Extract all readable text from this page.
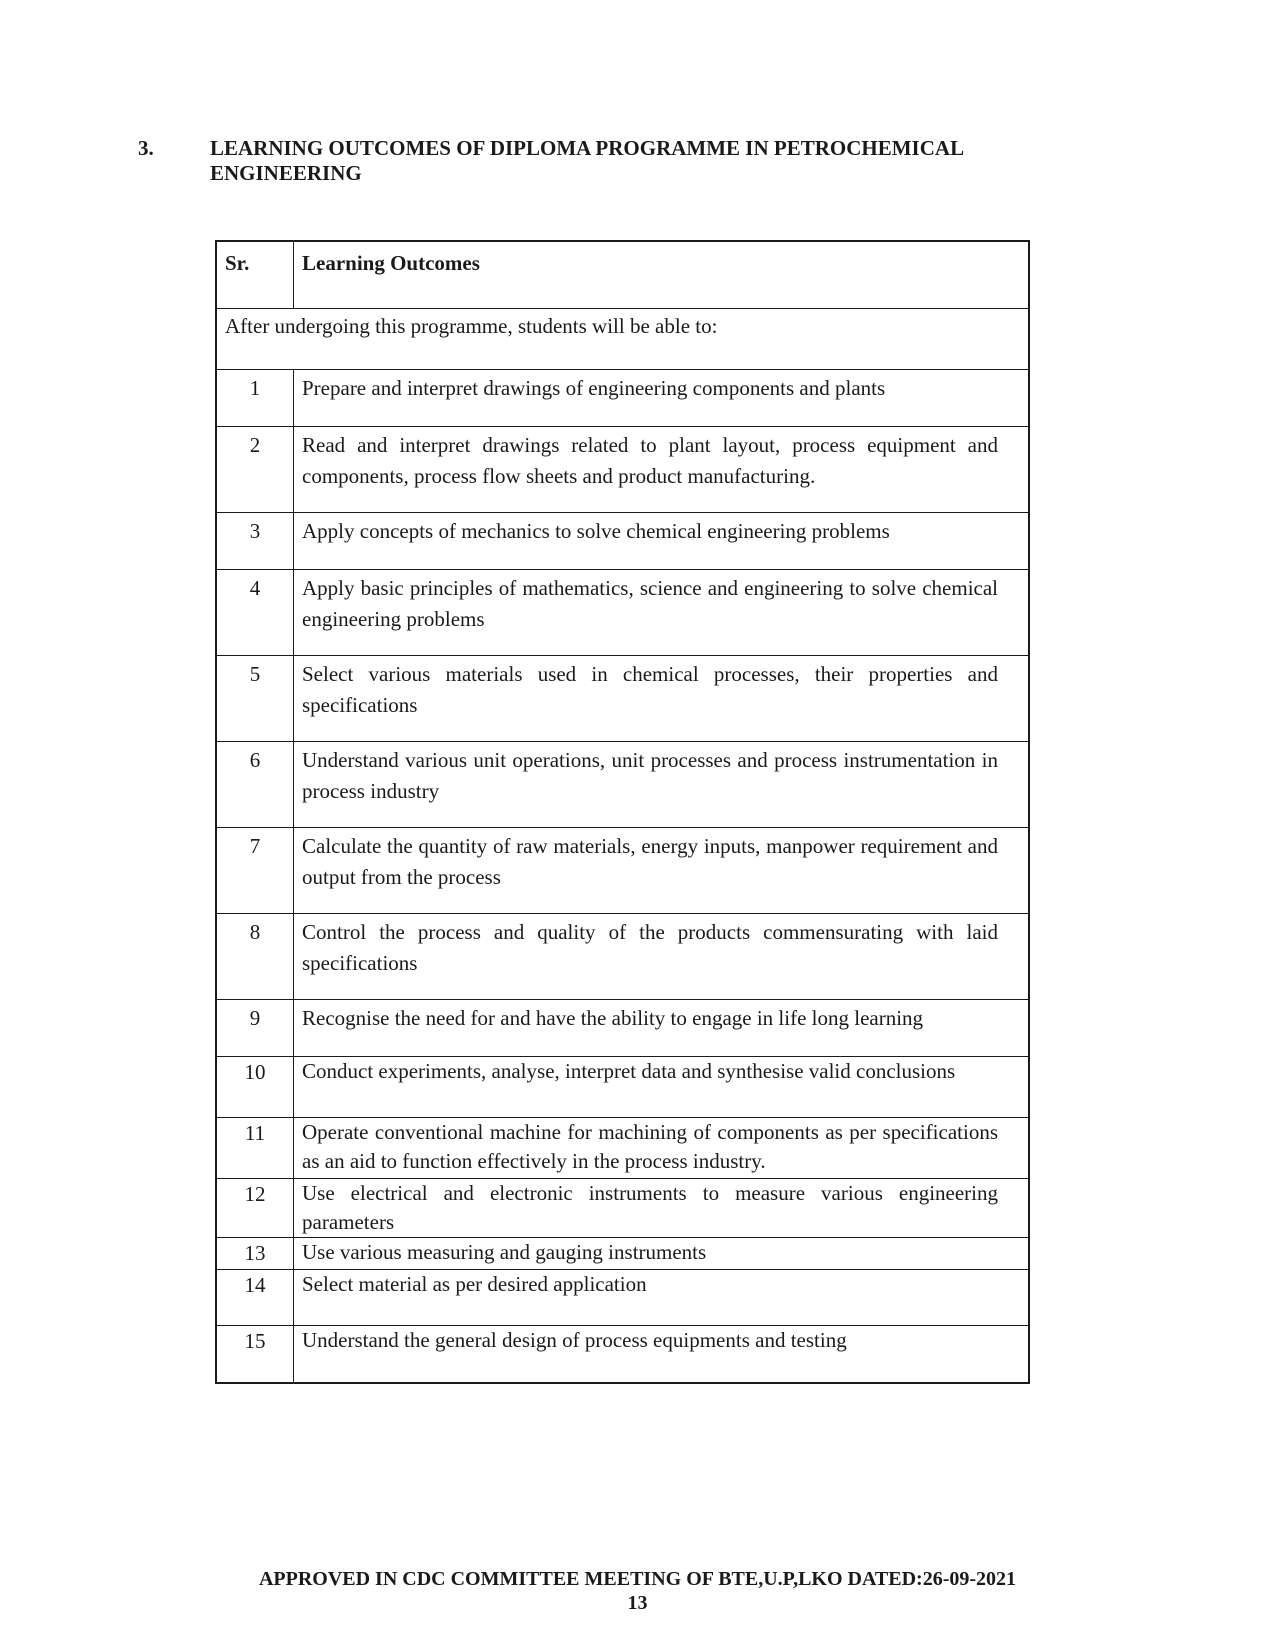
3.	LEARNING OUTCOMES OF DIPLOMA PROGRAMME IN PETROCHEMICAL ENGINEERING
Sr.	Learning Outcomes
After undergoing this programme, students will be able to:	
1	Prepare and interpret drawings of engineering components and plants
2	Read and interpret drawings related to plant layout, process equipment and components, process flow sheets and product manufacturing.
3	Apply concepts of mechanics to solve chemical engineering problems
4	Apply basic principles of mathematics, science and engineering to solve chemical engineering problems
5	Select various materials used in chemical processes, their properties and specifications
6	Understand various unit operations, unit processes and process instrumentation in process industry
7	Calculate the quantity of raw materials, energy inputs, manpower requirement and output from the process
8	Control the process and quality of the products commensurating with laid specifications
9	Recognise the need for and have the ability to engage in life long learning
10	Conduct experiments, analyse, interpret data and synthesise valid conclusions
11	Operate conventional machine for machining of components as per specifications as an aid to function effectively in the process industry.
12	Use electrical and electronic instruments to measure various engineering parameters
13	Use various measuring and gauging instruments
14	Select material as per desired application
15	Understand the general design of process equipments and testing
APPROVED IN CDC COMMITTEE MEETING OF BTE,U.P,LKO DATED:26-09-2021
13
